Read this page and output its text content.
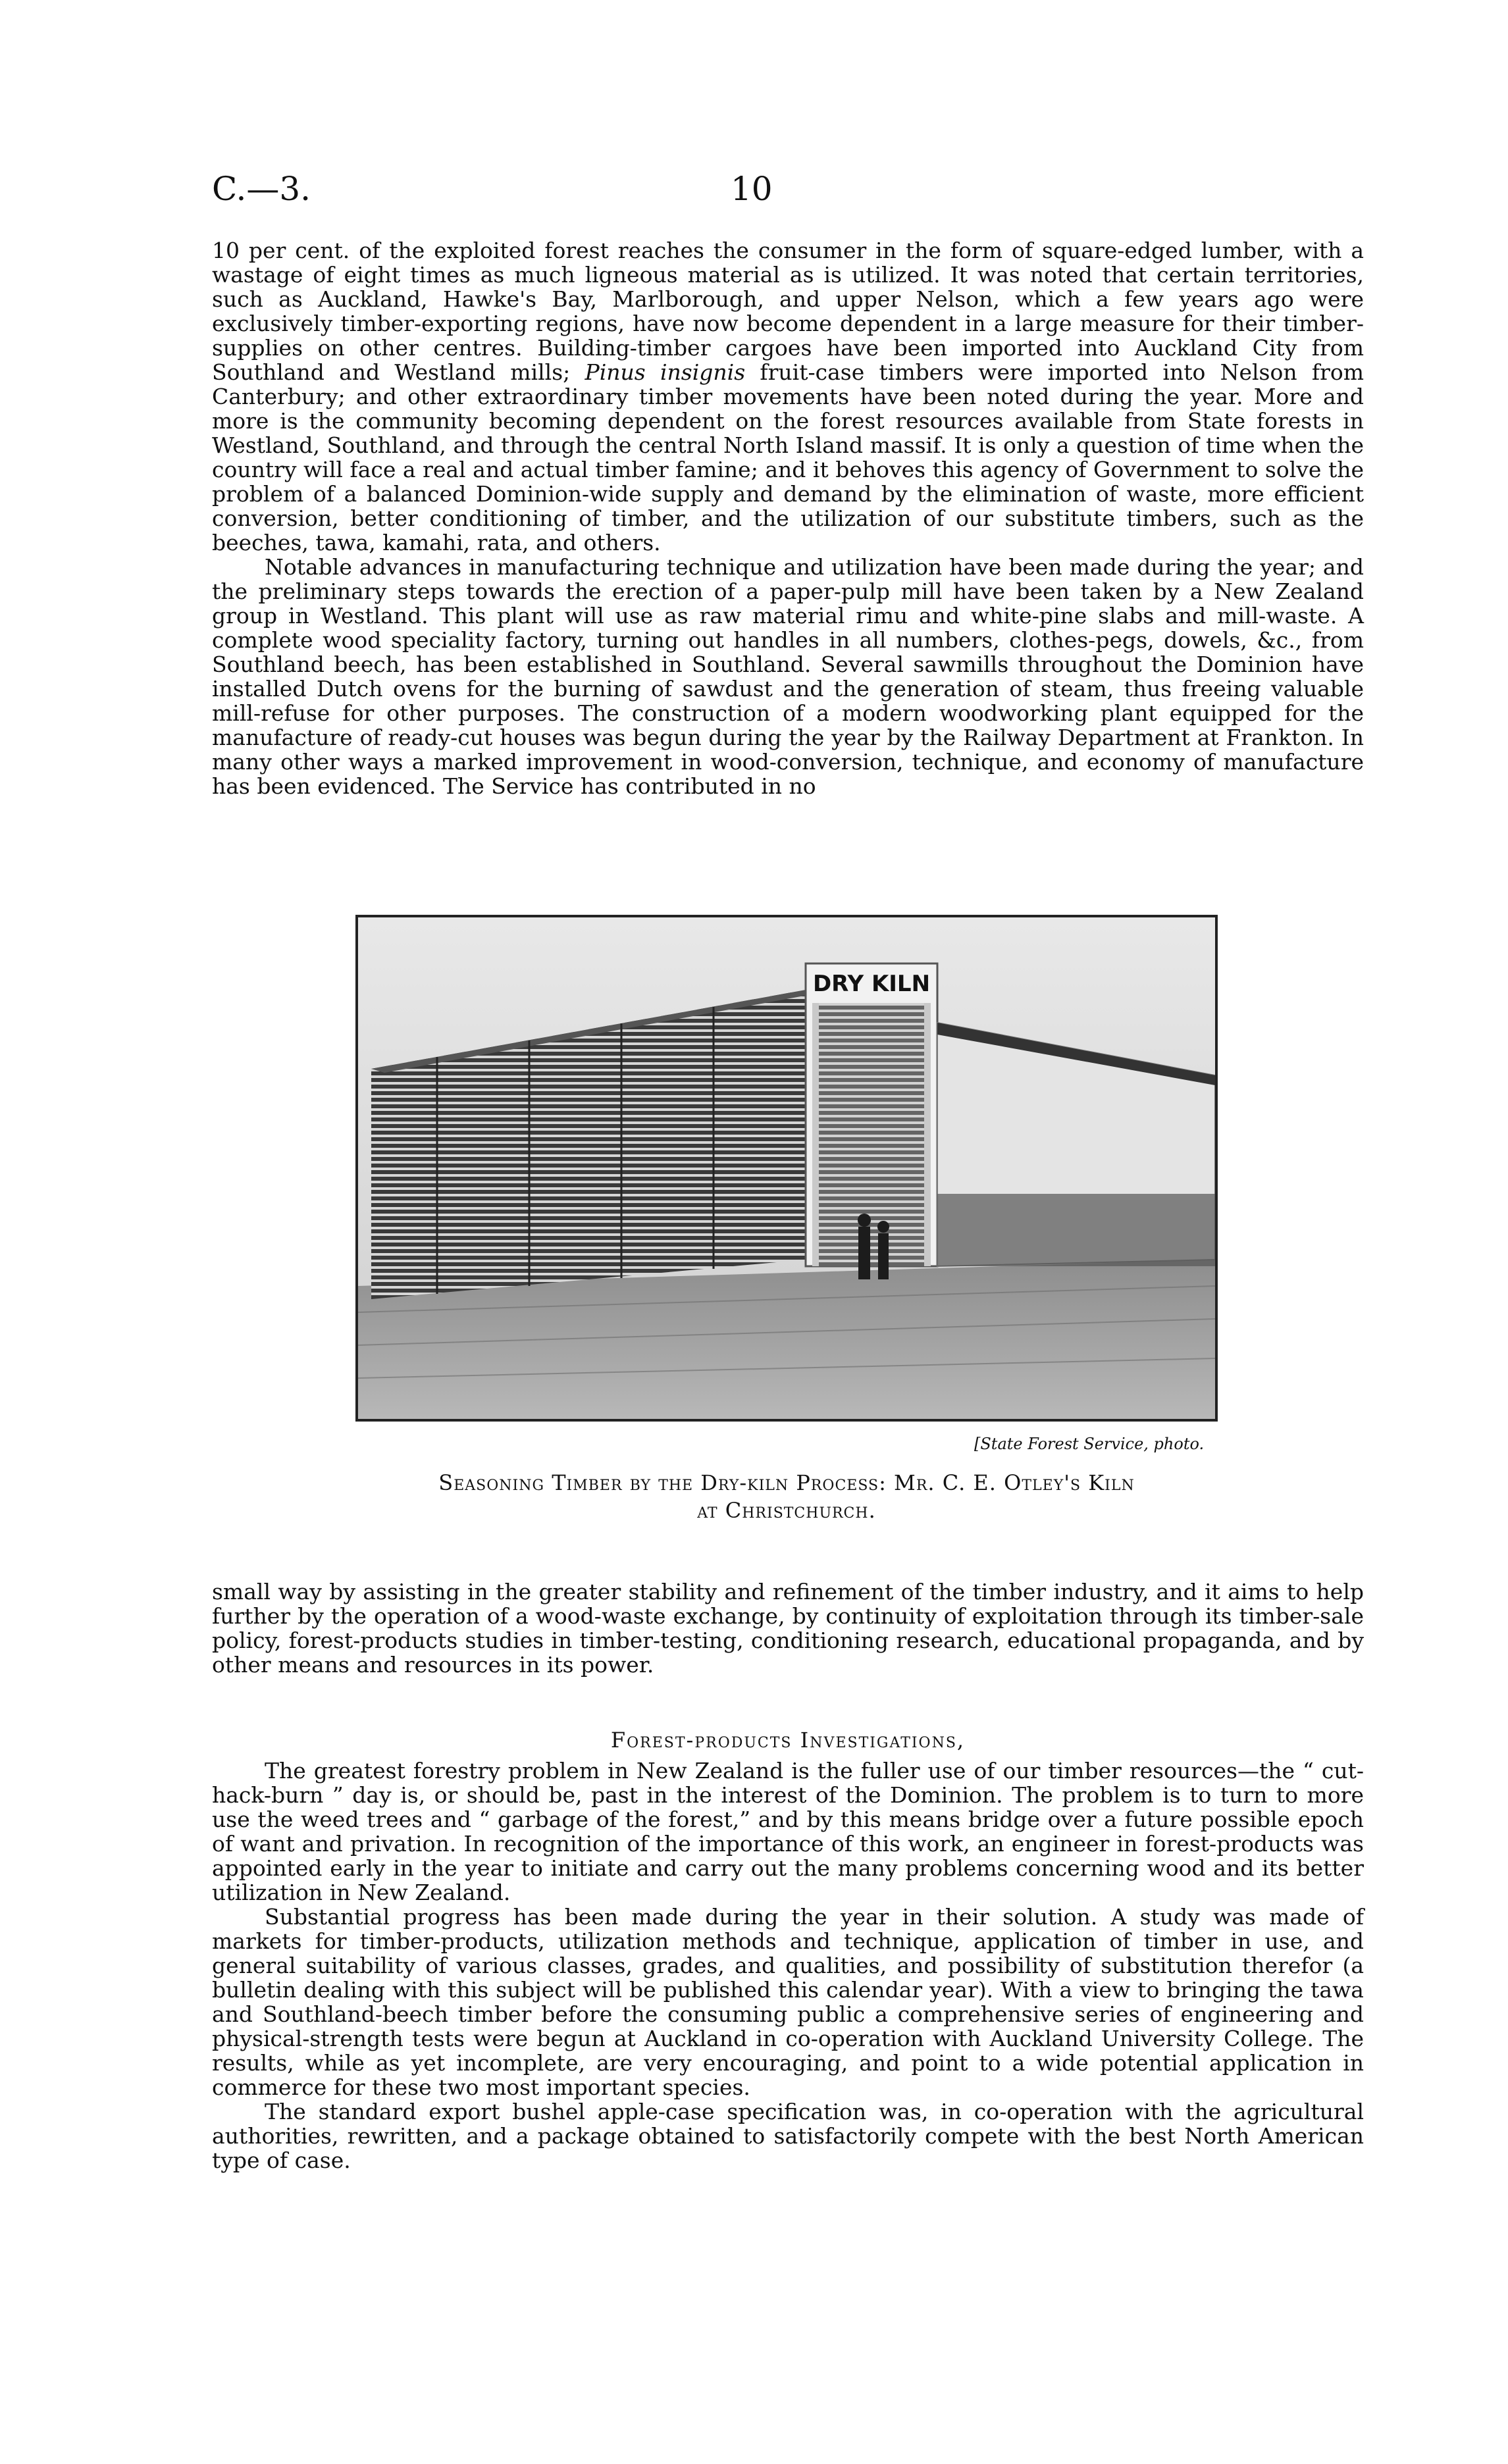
C.—3.	10

10 per cent. of the exploited forest reaches the consumer in the form of square-edged lumber, with a wastage of eight times as much ligneous material as is utilized. It was noted that certain territories, such as Auckland, Hawke's Bay, Marlborough, and upper Nelson, which a few years ago were exclusively timber-exporting regions, have now become dependent in a large measure for their timber-supplies on other centres. Building-timber cargoes have been imported into Auckland City from Southland and Westland mills; Pinus insignis fruit-case timbers were imported into Nelson from Canterbury; and other extraordinary timber movements have been noted during the year. More and more is the community becoming dependent on the forest resources available from State forests in Westland, Southland, and through the central North Island massif. It is only a question of time when the country will face a real and actual timber famine; and it behoves this agency of Government to solve the problem of a balanced Dominion-wide supply and demand by the elimination of waste, more efficient conversion, better conditioning of timber, and the utilization of our substitute timbers, such as the beeches, tawa, kamahi, rata, and others.

Notable advances in manufacturing technique and utilization have been made during the year; and the preliminary steps towards the erection of a paper-pulp mill have been taken by a New Zealand group in Westland. This plant will use as raw material rimu and white-pine slabs and mill-waste. A complete wood speciality factory, turning out handles in all numbers, clothes-pegs, dowels, &c., from Southland beech, has been established in Southland. Several sawmills throughout the Dominion have installed Dutch ovens for the burning of sawdust and the generation of steam, thus freeing valuable mill-refuse for other purposes. The construction of a modern woodworking plant equipped for the manufacture of ready-cut houses was begun during the year by the Railway Department at Frankton. In many other ways a marked improvement in wood-conversion, technique, and economy of manufacture has been evidenced. The Service has contributed in no

DRY KILN
[State Forest Service, photo.
Seasoning Timber by the Dry-kiln Process: Mr. C. E. Otley's Kiln
at Christchurch.

small way by assisting in the greater stability and refinement of the timber industry, and it aims to help further by the operation of a wood-waste exchange, by continuity of exploitation through its timber-sale policy, forest-products studies in timber-testing, conditioning research, educational propaganda, and by other means and resources in its power.

Forest-products Investigations,

The greatest forestry problem in New Zealand is the fuller use of our timber resources—the “ cut-hack-burn ” day is, or should be, past in the interest of the Dominion. The problem is to turn to more use the weed trees and “ garbage of the forest,” and by this means bridge over a future possible epoch of want and privation. In recognition of the importance of this work, an engineer in forest-products was appointed early in the year to initiate and carry out the many problems concerning wood and its better utilization in New Zealand.

Substantial progress has been made during the year in their solution. A study was made of markets for timber-products, utilization methods and technique, application of timber in use, and general suitability of various classes, grades, and qualities, and possibility of substitution therefor (a bulletin dealing with this subject will be published this calendar year). With a view to bringing the tawa and Southland-beech timber before the consuming public a comprehensive series of engineering and physical-strength tests were begun at Auckland in co-operation with Auckland University College. The results, while as yet incomplete, are very encouraging, and point to a wide potential application in commerce for these two most important species.

The standard export bushel apple-case specification was, in co-operation with the agricultural authorities, rewritten, and a package obtained to satisfactorily compete with the best North American type of case.
